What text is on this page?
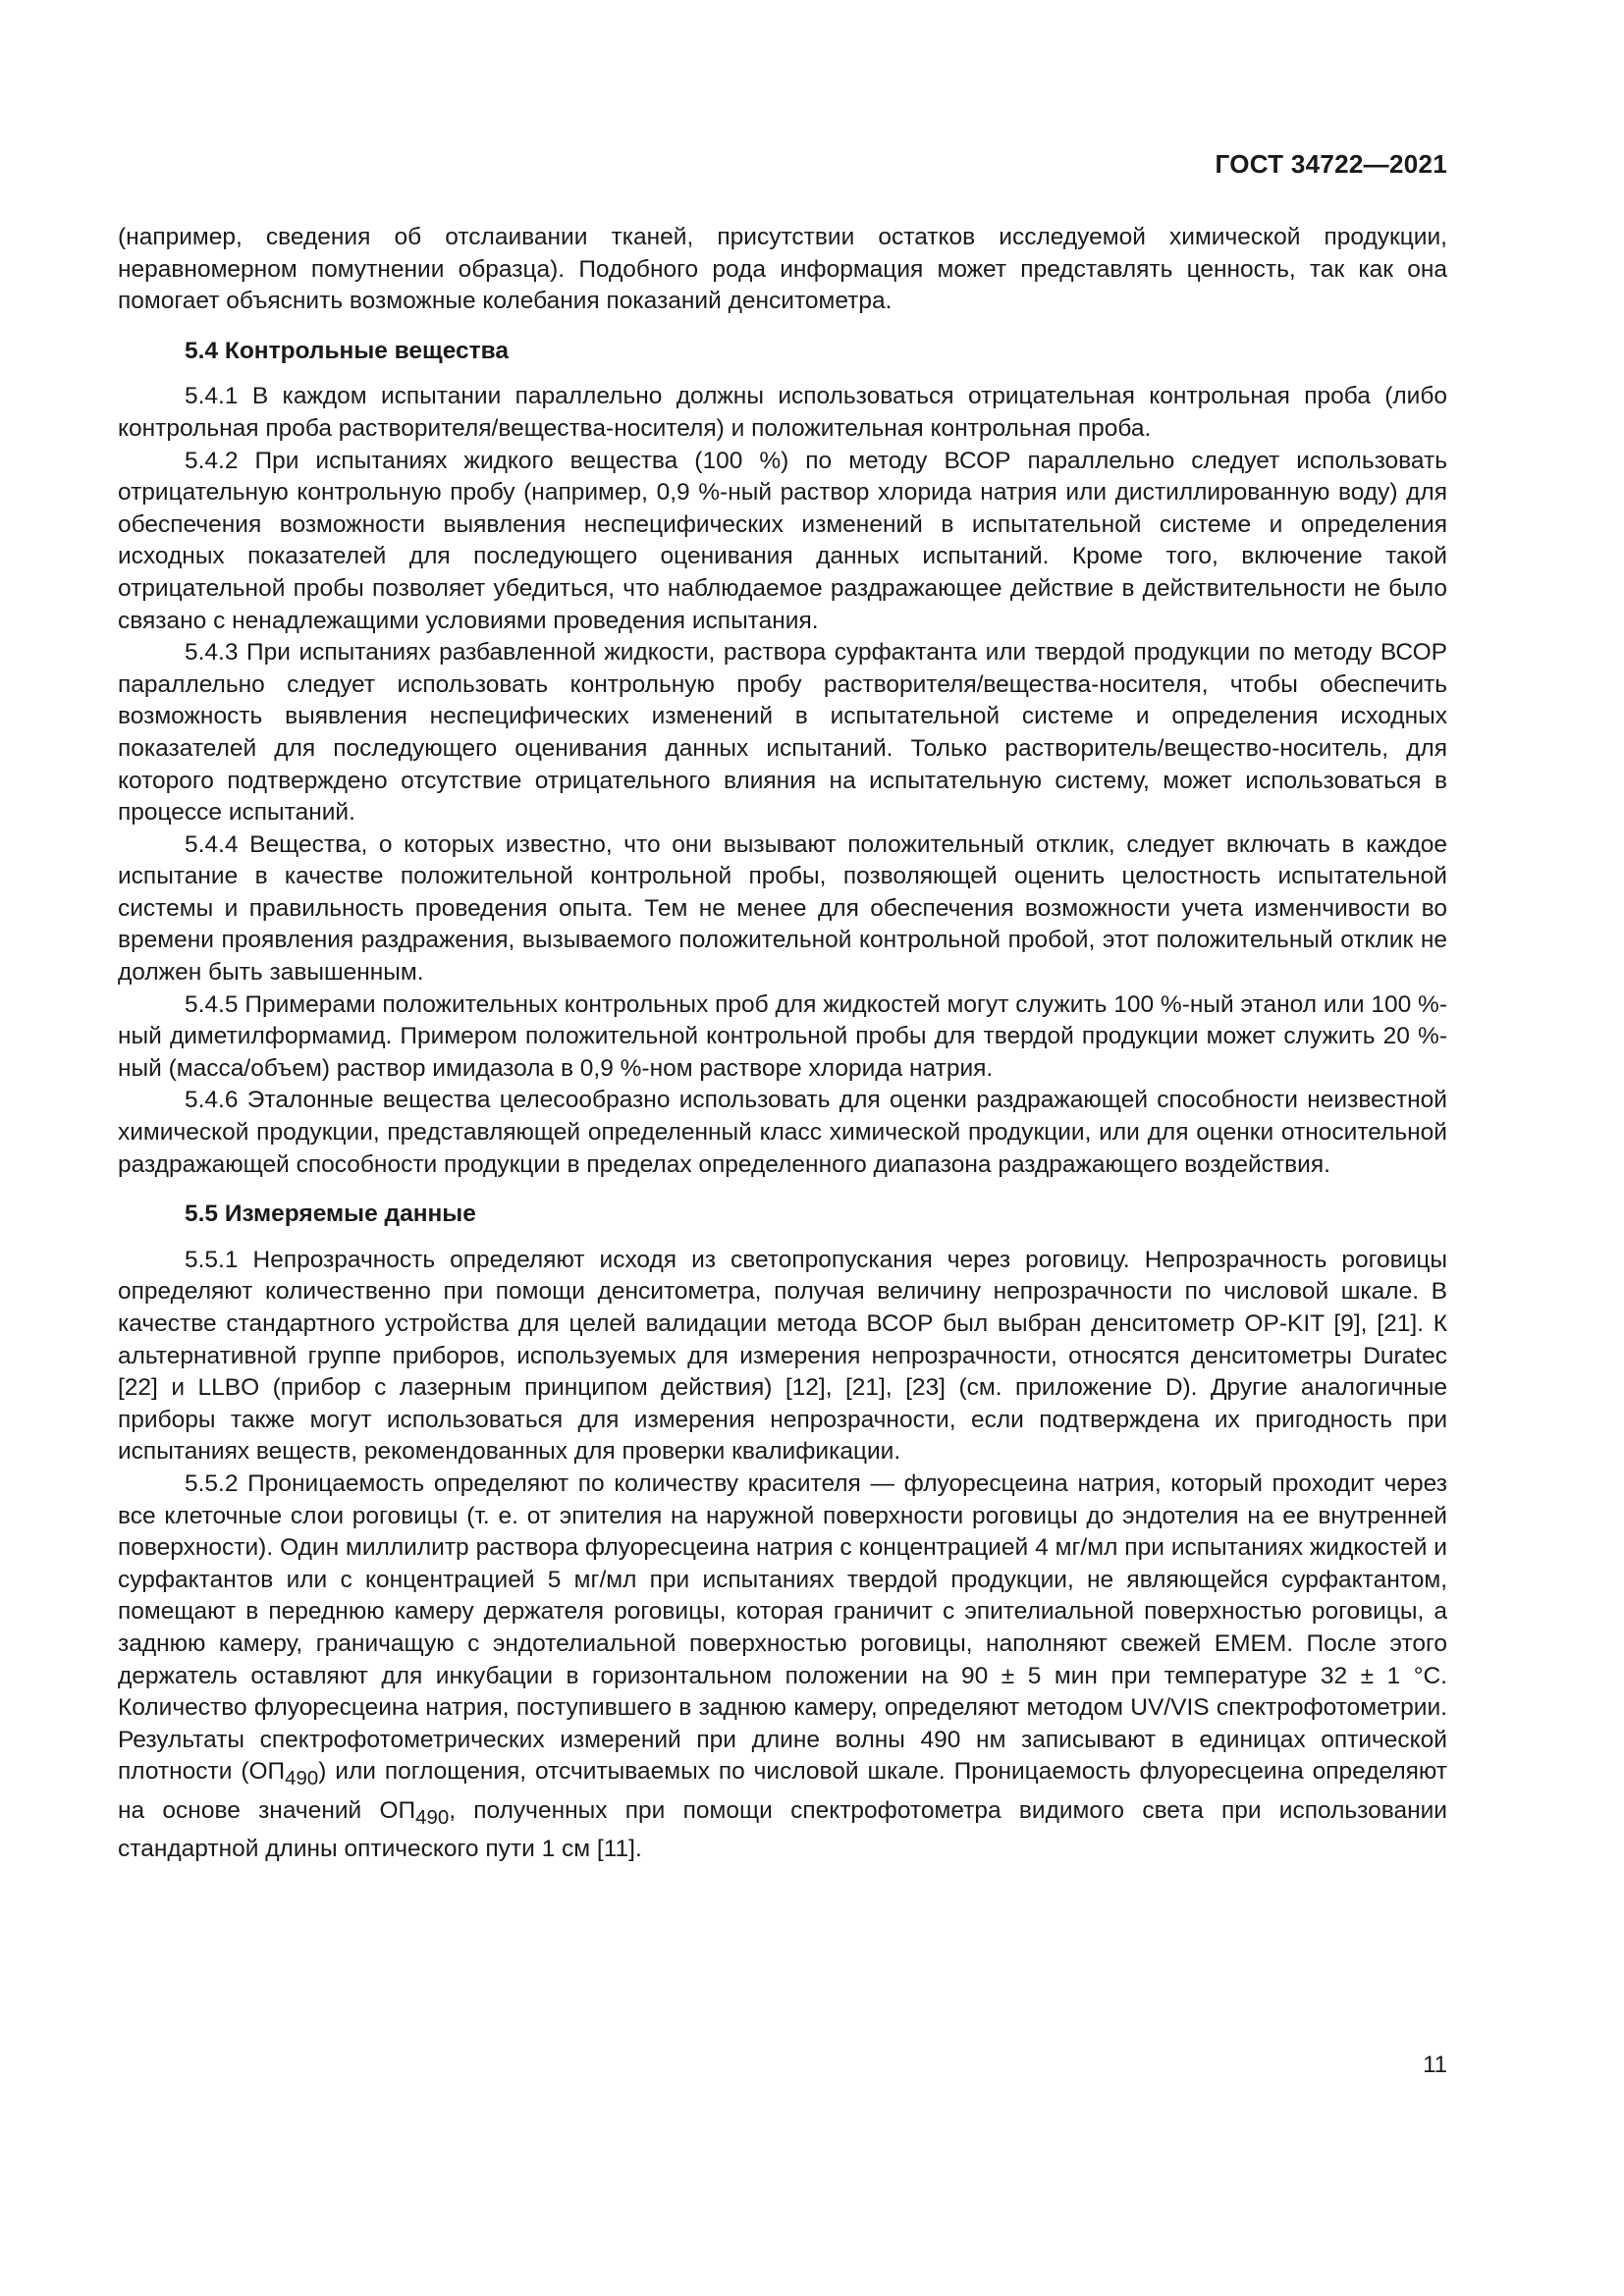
ГОСТ 34722—2021

(например, сведения об отслаивании тканей, присутствии остатков исследуемой химической продукции, неравномерном помутнении образца). Подобного рода информация может представлять ценность, так как она помогает объяснить возможные колебания показаний денситометра.

5.4 Контрольные вещества

5.4.1 В каждом испытании параллельно должны использоваться отрицательная контрольная проба (либо контрольная проба растворителя/вещества-носителя) и положительная контрольная проба.

5.4.2 При испытаниях жидкого вещества (100 %) по методу ВСОР параллельно следует использовать отрицательную контрольную пробу (например, 0,9 %-ный раствор хлорида натрия или дистиллированную воду) для обеспечения возможности выявления неспецифических изменений в испытательной системе и определения исходных показателей для последующего оценивания данных испытаний. Кроме того, включение такой отрицательной пробы позволяет убедиться, что наблюдаемое раздражающее действие в действительности не было связано с ненадлежащими условиями проведения испытания.

5.4.3 При испытаниях разбавленной жидкости, раствора сурфактанта или твердой продукции по методу ВСОР параллельно следует использовать контрольную пробу растворителя/вещества-носителя, чтобы обеспечить возможность выявления неспецифических изменений в испытательной системе и определения исходных показателей для последующего оценивания данных испытаний. Только растворитель/вещество-носитель, для которого подтверждено отсутствие отрицательного влияния на испытательную систему, может использоваться в процессе испытаний.

5.4.4 Вещества, о которых известно, что они вызывают положительный отклик, следует включать в каждое испытание в качестве положительной контрольной пробы, позволяющей оценить целостность испытательной системы и правильность проведения опыта. Тем не менее для обеспечения возможности учета изменчивости во времени проявления раздражения, вызываемого положительной контрольной пробой, этот положительный отклик не должен быть завышенным.

5.4.5 Примерами положительных контрольных проб для жидкостей могут служить 100 %-ный этанол или 100 %-ный диметилформамид. Примером положительной контрольной пробы для твердой продукции может служить 20 %-ный (масса/объем) раствор имидазола в 0,9 %-ном растворе хлорида натрия.

5.4.6 Эталонные вещества целесообразно использовать для оценки раздражающей способности неизвестной химической продукции, представляющей определенный класс химической продукции, или для оценки относительной раздражающей способности продукции в пределах определенного диапазона раздражающего воздействия.

5.5 Измеряемые данные

5.5.1 Непрозрачность определяют исходя из светопропускания через роговицу. Непрозрачность роговицы определяют количественно при помощи денситометра, получая величину непрозрачности по числовой шкале. В качестве стандартного устройства для целей валидации метода ВСОР был выбран денситометр OP-KIT [9], [21]. К альтернативной группе приборов, используемых для измерения непрозрачности, относятся денситометры Duratec [22] и LLBO (прибор с лазерным принципом действия) [12], [21], [23] (см. приложение D). Другие аналогичные приборы также могут использоваться для измерения непрозрачности, если подтверждена их пригодность при испытаниях веществ, рекомендованных для проверки квалификации.

5.5.2 Проницаемость определяют по количеству красителя — флуоресцеина натрия, который проходит через все клеточные слои роговицы (т. е. от эпителия на наружной поверхности роговицы до эндотелия на ее внутренней поверхности). Один миллилитр раствора флуоресцеина натрия с концентрацией 4 мг/мл при испытаниях жидкостей и сурфактантов или с концентрацией 5 мг/мл при испытаниях твердой продукции, не являющейся сурфактантом, помещают в переднюю камеру держателя роговицы, которая граничит с эпителиальной поверхностью роговицы, а заднюю камеру, граничащую с эндотелиальной поверхностью роговицы, наполняют свежей ЕМЕМ. После этого держатель оставляют для инкубации в горизонтальном положении на 90 ± 5 мин при температуре 32 ± 1 °С. Количество флуоресцеина натрия, поступившего в заднюю камеру, определяют методом UV/VIS спектрофотометрии. Результаты спектрофотометрических измерений при длине волны 490 нм записывают в единицах оптической плотности $(ОП_{490})$ или поглощения, отсчитываемых по числовой шкале. Проницаемость флуоресцеина определяют на основе значений $ОП_{490}$, полученных при помощи спектрофотометра видимого света при использовании стандартной длины оптического пути 1 см [11].

11
